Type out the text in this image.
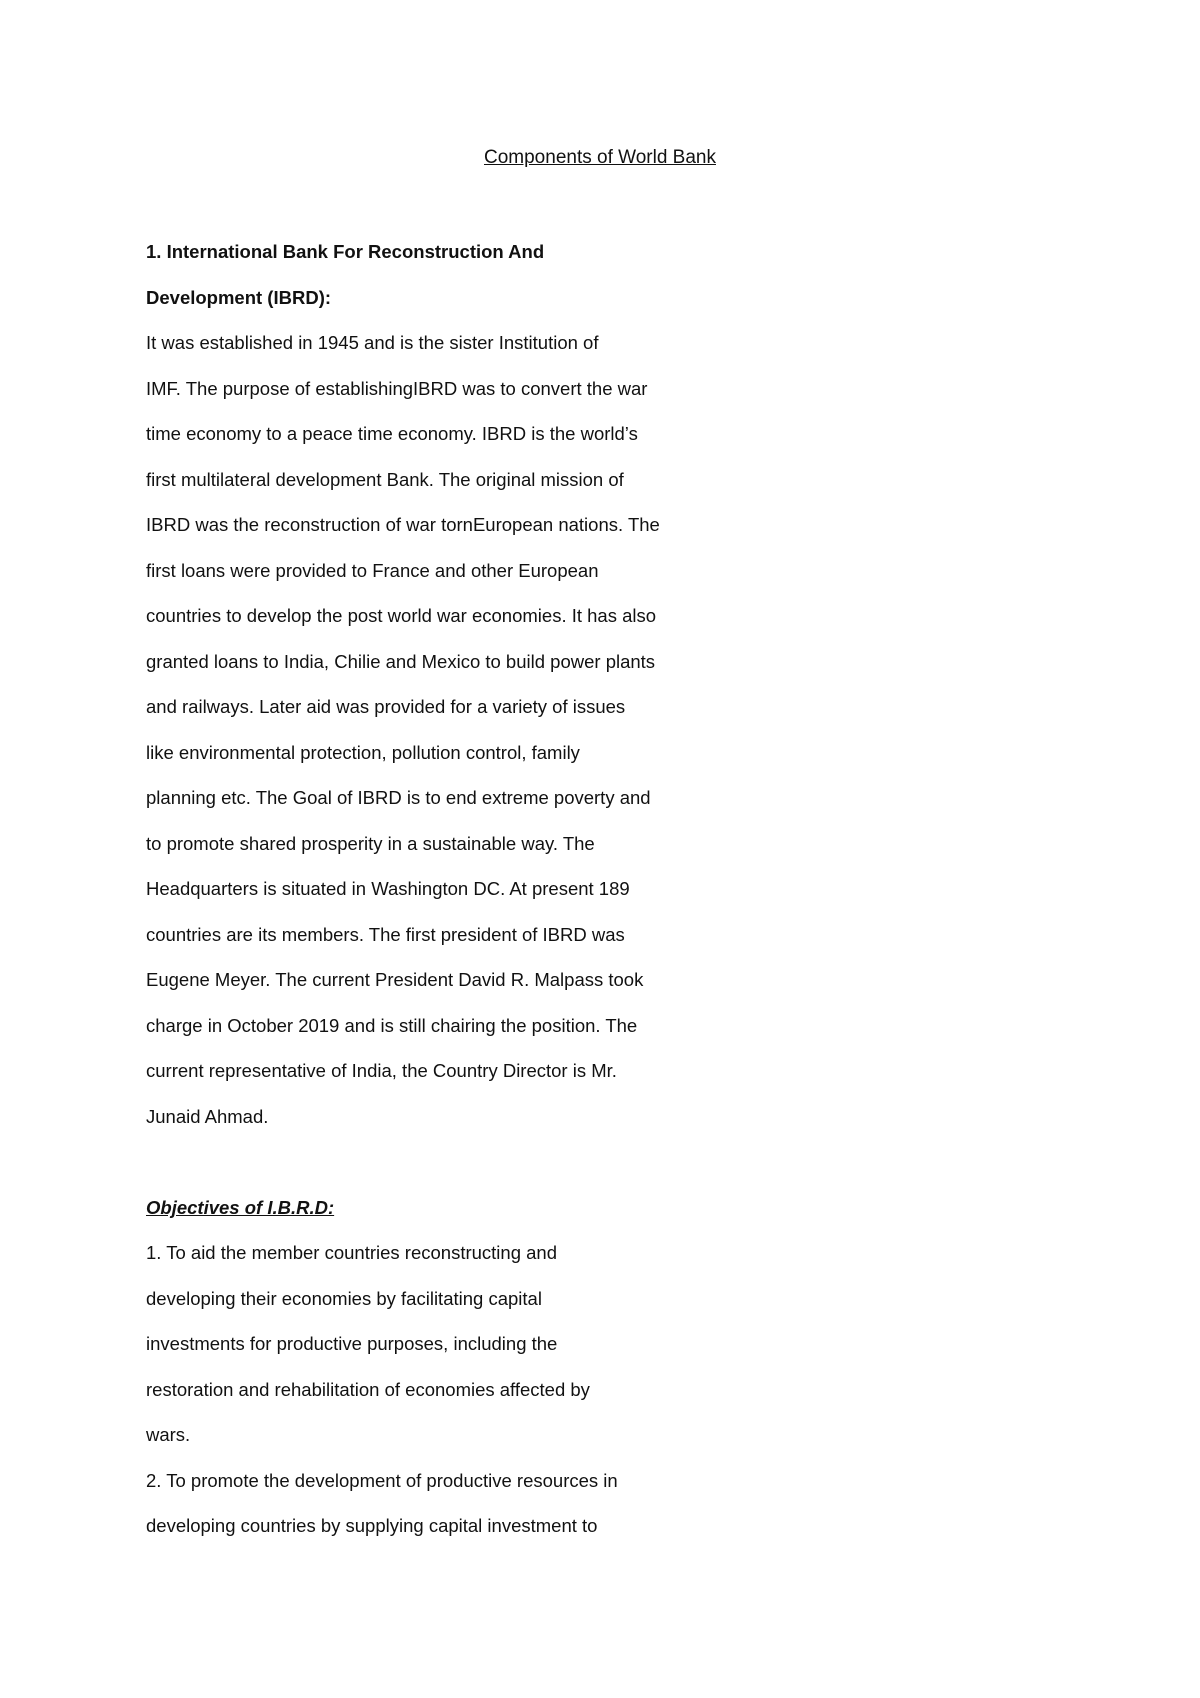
Components of World Bank
1. International Bank For Reconstruction And
Development (IBRD):
It was established in 1945 and is the sister Institution of
IMF. The purpose of establishingIBRD was to convert the war
time economy to a peace time economy. IBRD is the world’s
first multilateral development Bank. The original mission of
IBRD was the reconstruction of war tornEuropean nations. The
first loans were provided to France and other European
countries to develop the post world war economies. It has also
granted loans to India, Chilie and Mexico to build power plants
and railways. Later aid was provided for a variety of issues
like environmental protection, pollution control, family
planning etc. The Goal of IBRD is to end extreme poverty and
to promote shared prosperity in a sustainable way. The
Headquarters is situated in Washington DC. At present 189
countries are its members. The first president of IBRD was
Eugene Meyer. The current President David R. Malpass took
charge in October 2019 and is still chairing the position. The
current representative of India, the Country Director is Mr.
Junaid Ahmad.
Objectives of I.B.R.D:
1. To aid the member countries reconstructing and
developing their economies by facilitating capital
investments for productive purposes, including the
restoration and rehabilitation of economies affected by
wars.
2. To promote the development of productive resources in
developing countries by supplying capital investment to
